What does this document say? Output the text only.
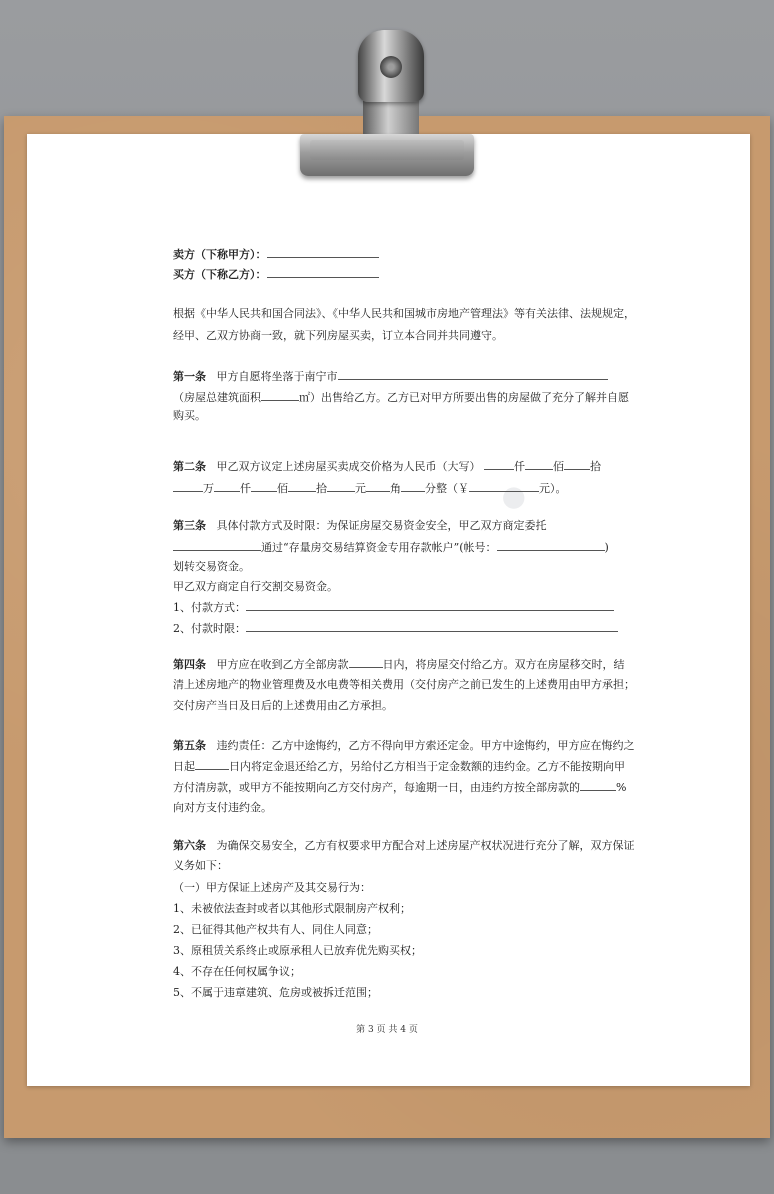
●
卖方（下称甲方）：
买方（下称乙方）：
根据《中华人民共和国合同法》、《中华人民共和国城市房地产管理法》等有关法律、法规规定，
经甲、乙双方协商一致，就下列房屋买卖，订立本合同并共同遵守。
第一条 甲方自愿将坐落于南宁市
（房屋总建筑面积	㎡）出售给乙方。乙方已对甲方所要出售的房屋做了充分了解并自愿
购买。
第二条 甲乙双方议定上述房屋买卖成交价格为人民币（大写）	仟	佰 拾
万 仟 佰	拾	元 角 分整（￥	元）。
第三条 具体付款方式及时限：为保证房屋交易资金安全，甲乙双方商定委托
通过“存量房交易结算资金专用存款帐户”(帐号：	)
划转交易资金。
甲乙双方商定自行交割交易资金。
1、付款方式：
2、付款时限：
第四条 甲方应在收到乙方全部房款	日内，将房屋交付给乙方。双方在房屋移交时，结
清上述房地产的物业管理费及水电费等相关费用（交付房产之前已发生的上述费用由甲方承担；
交付房产当日及日后的上述费用由乙方承担。
第五条 违约责任：乙方中途悔约，乙方不得向甲方索还定金。甲方中途悔约，甲方应在悔约之
日起	日内将定金退还给乙方，另给付乙方相当于定金数额的违约金。乙方不能按期向甲
方付清房款，或甲方不能按期向乙方交付房产，每逾期一日，由违约方按全部房款的	%
向对方支付违约金。
第六条 为确保交易安全，乙方有权要求甲方配合对上述房屋产权状况进行充分了解，双方保证
义务如下：
（一）甲方保证上述房产及其交易行为：
1、未被依法查封或者以其他形式限制房产权利；
2、已征得其他产权共有人、同住人同意；
3、原租赁关系终止或原承租人已放弃优先购买权；
4、不存在任何权属争议；
5、不属于违章建筑、危房或被拆迁范围；
第 3 页 共 4 页
